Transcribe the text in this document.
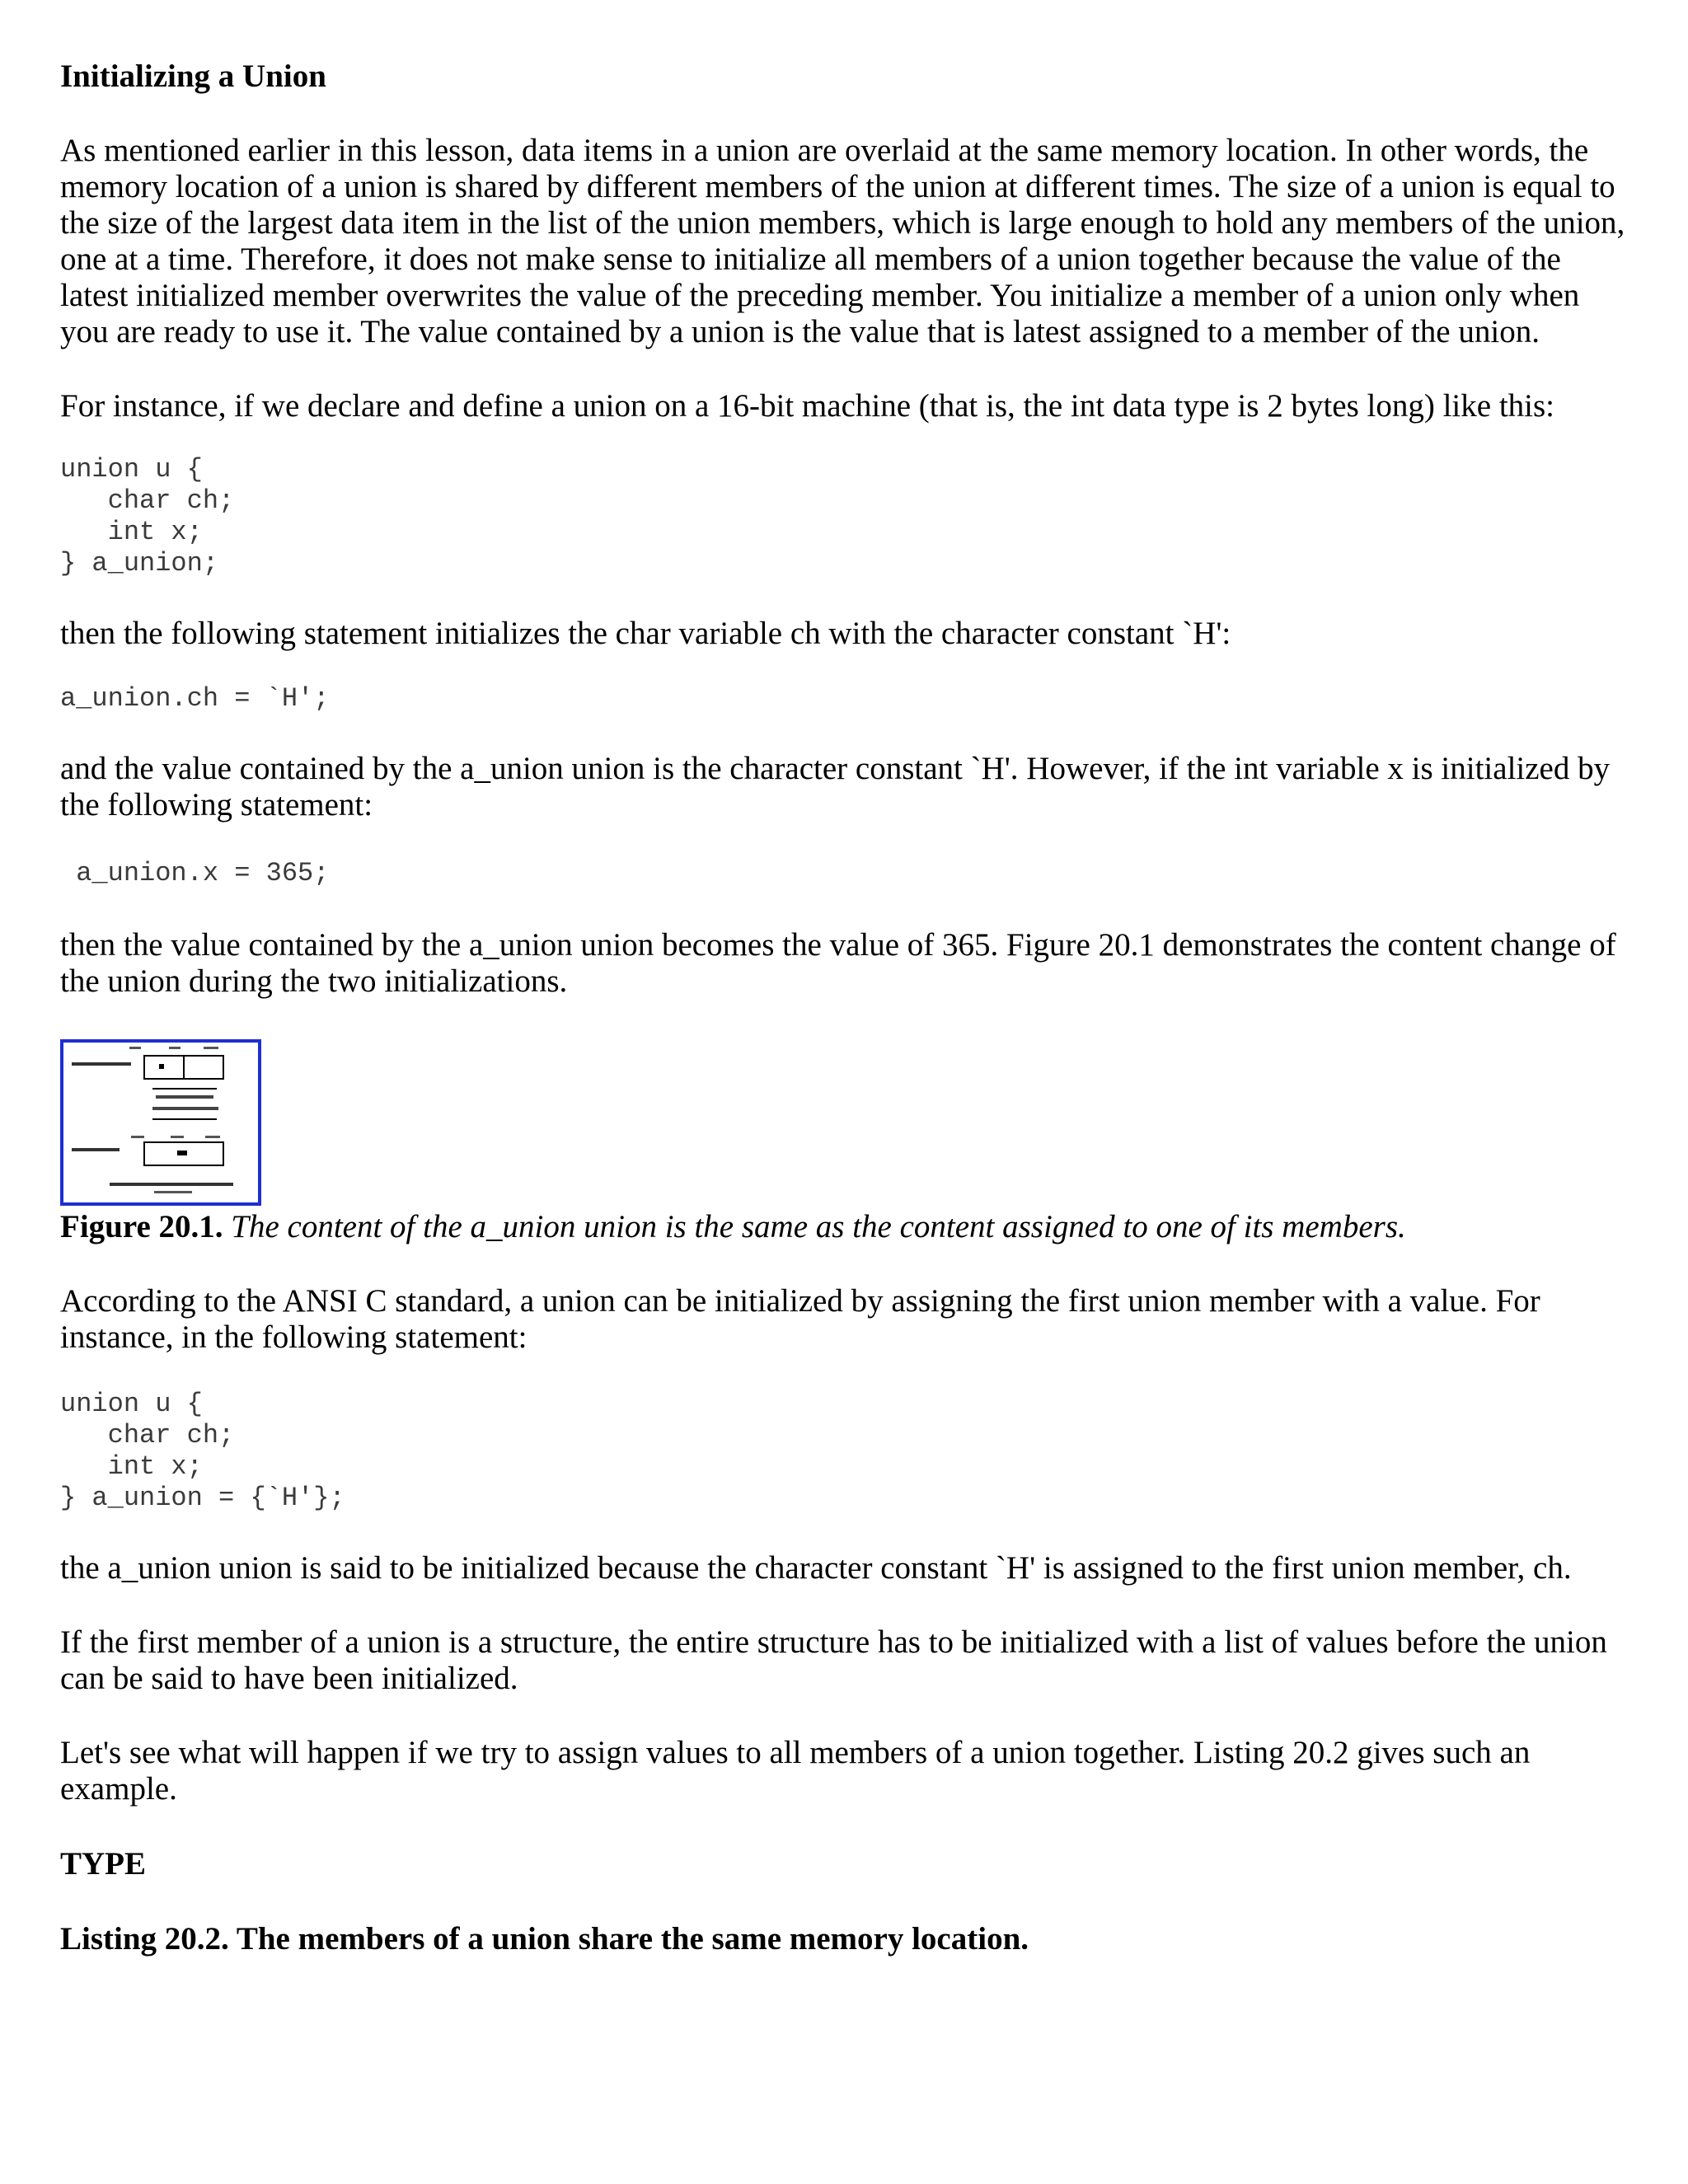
Initializing a Union

As mentioned earlier in this lesson, data items in a union are overlaid at the same memory location. In other words, the memory location of a union is shared by different members of the union at different times. The size of a union is equal to the size of the largest data item in the list of the union members, which is large enough to hold any members of the union, one at a time. Therefore, it does not make sense to initialize all members of a union together because the value of the latest initialized member overwrites the value of the preceding member. You initialize a member of a union only when you are ready to use it. The value contained by a union is the value that is latest assigned to a member of the union.

For instance, if we declare and define a union on a 16-bit machine (that is, the int data type is 2 bytes long) like this:

union u {
char ch;
int x;
} a_union;

then the following statement initializes the char variable ch with the character constant `H':

a_union.ch = `H';

and the value contained by the a_union union is the character constant `H'. However, if the int variable x is initialized by the following statement:

a_union.x = 365;

then the value contained by the a_union union becomes the value of 365. Figure 20.1 demonstrates the content change of the union during the two initializations.

Figure 20.1. The content of the a_union union is the same as the content assigned to one of its members.

According to the ANSI C standard, a union can be initialized by assigning the first union member with a value. For instance, in the following statement:

union u {
char ch;
int x;
} a_union = {`H'};

the a_union union is said to be initialized because the character constant `H' is assigned to the first union member, ch.

If the first member of a union is a structure, the entire structure has to be initialized with a list of values before the union can be said to have been initialized.

Let's see what will happen if we try to assign values to all members of a union together. Listing 20.2 gives such an example.

TYPE

Listing 20.2. The members of a union share the same memory location.
